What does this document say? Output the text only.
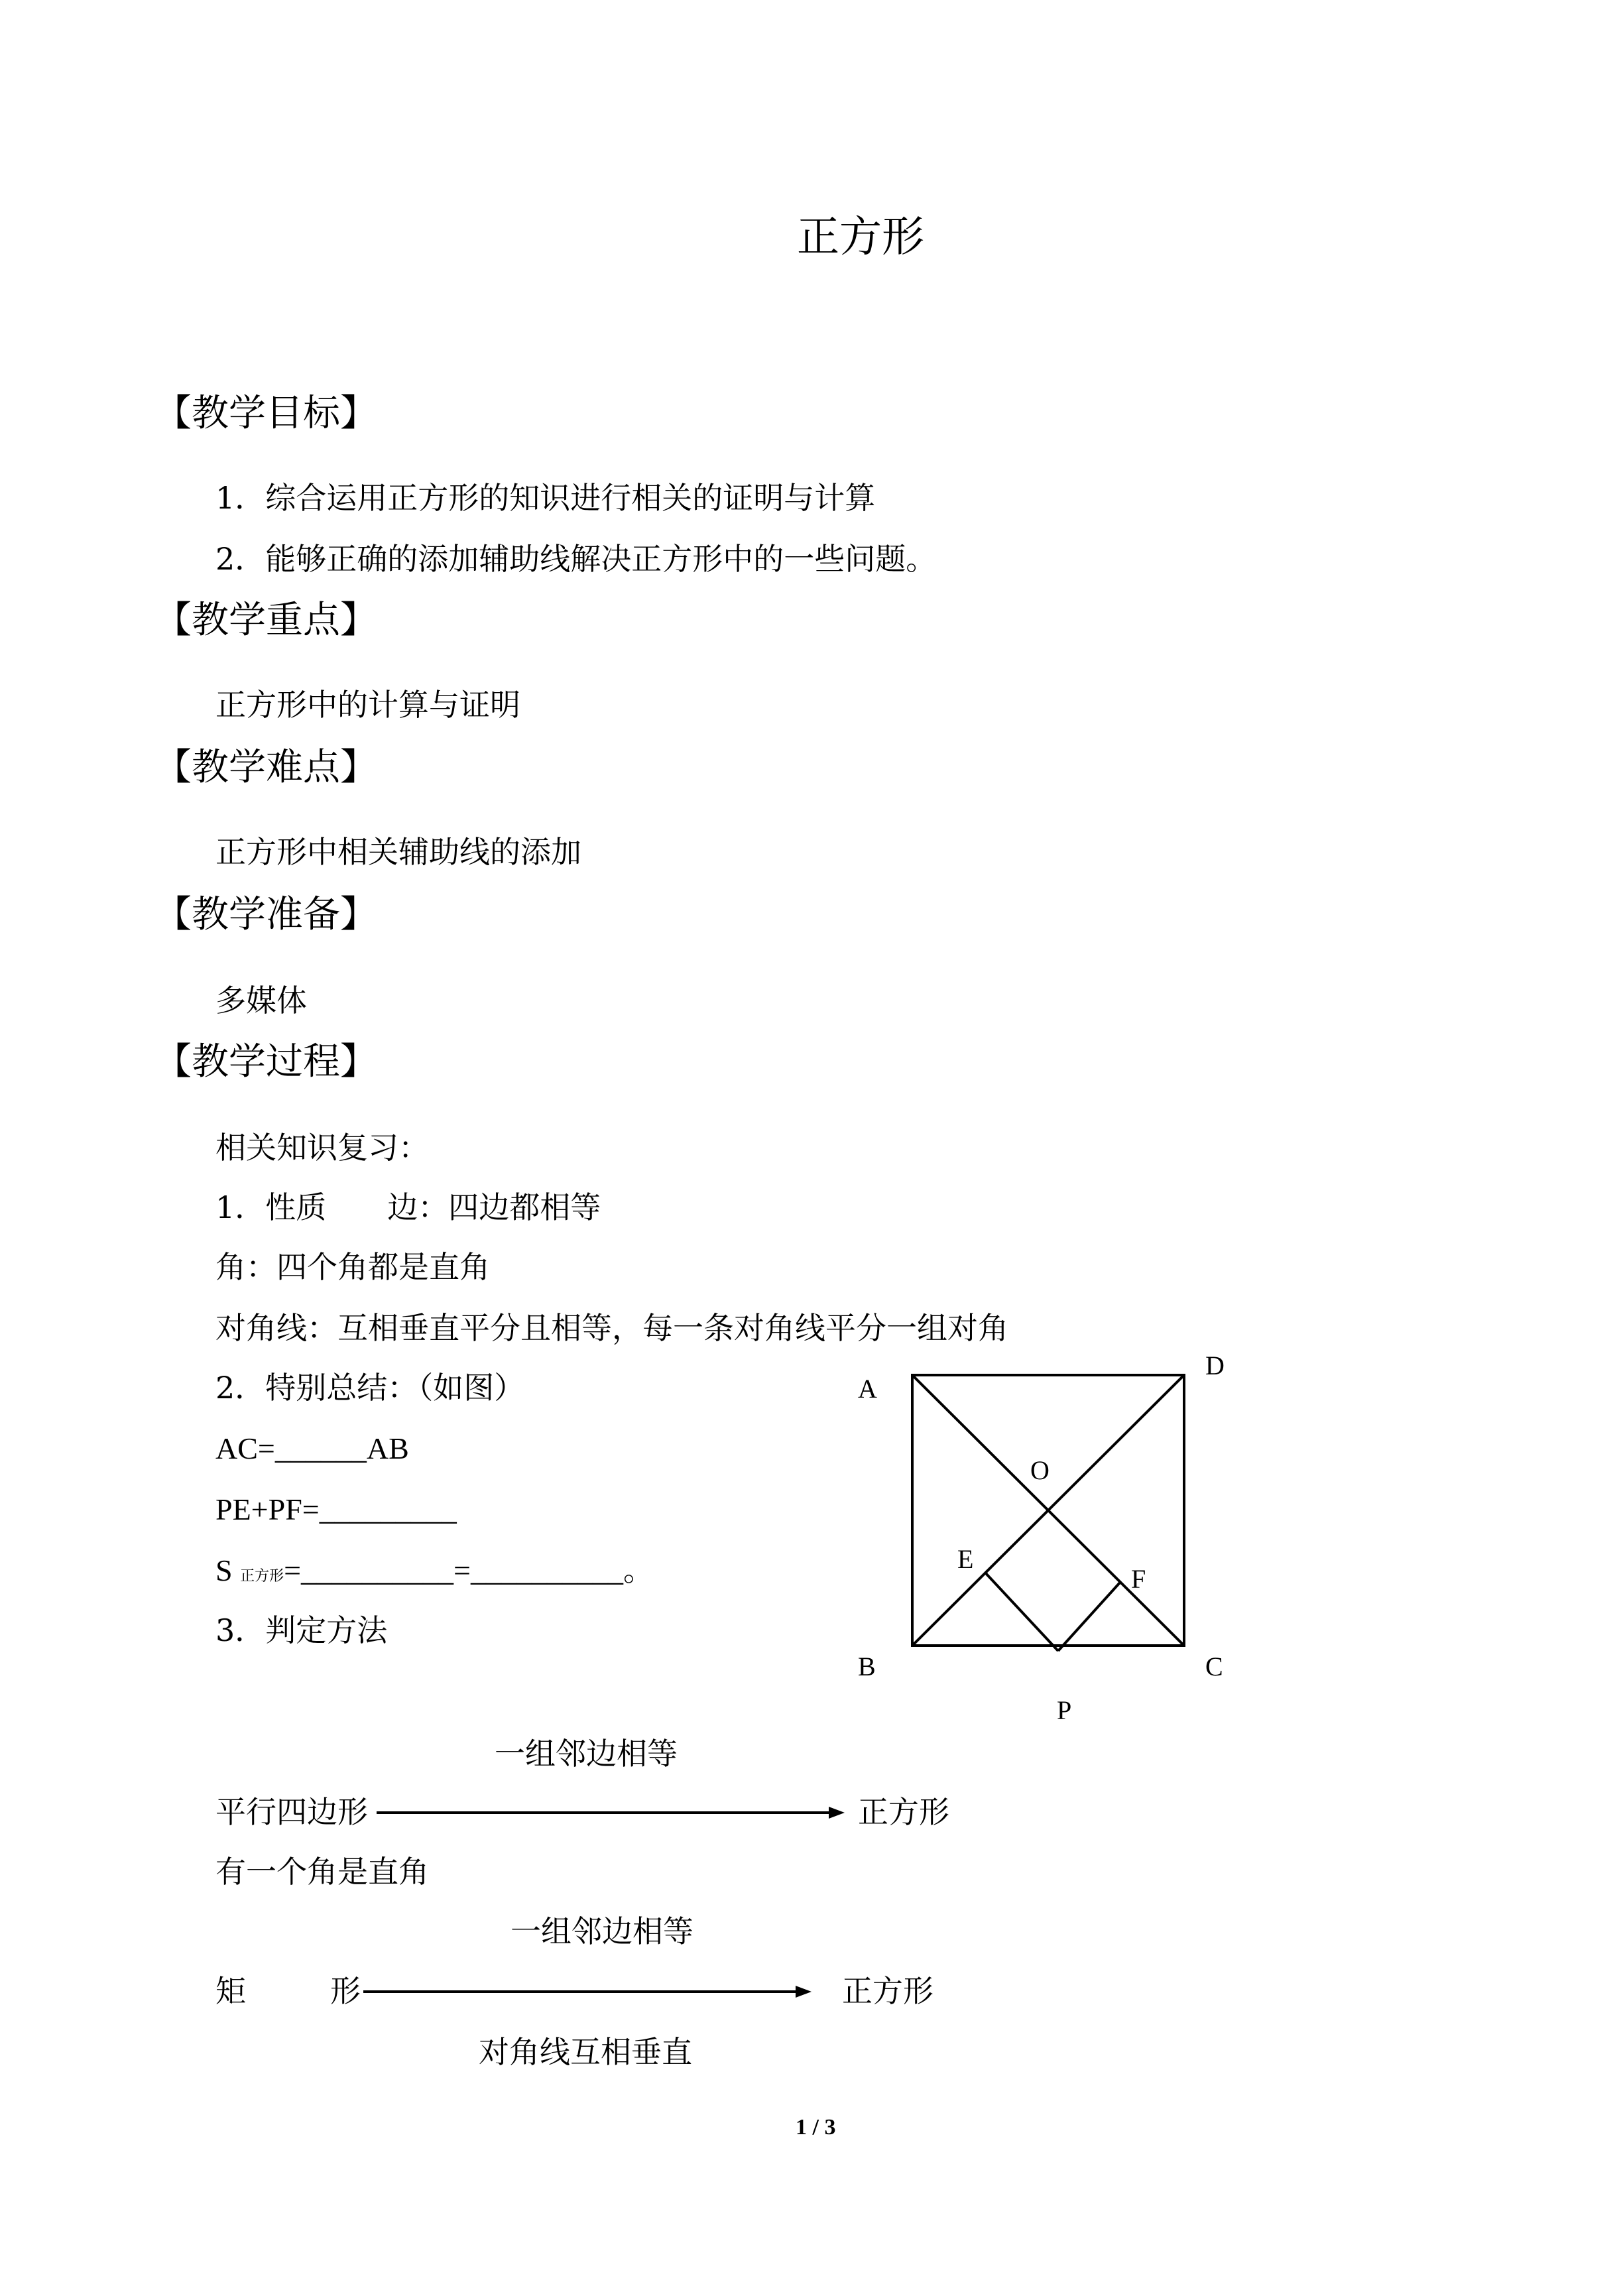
正方形
【教学目标】
1．综合运用正方形的知识进行相关的证明与计算
2．能够正确的添加辅助线解决正方形中的一些问题。
【教学重点】
正方形中的计算与证明
【教学难点】
正方形中相关辅助线的添加
【教学准备】
多媒体
【教学过程】
相关知识复习：
1．性质　　边：四边都相等
角：四个角都是直角
对角线：互相垂直平分且相等，每一条对角线平分一组对角
2．特别总结：（如图）
AC=______AB
PE+PF=_________
S 正方形=__________=__________。
3．判定方法
A
D
O
E
F
B	C
P
一组邻边相等
平行四边形	正方形
有一个角是直角
一组邻边相等
矩	形	正方形
对角线互相垂直
1 / 3
